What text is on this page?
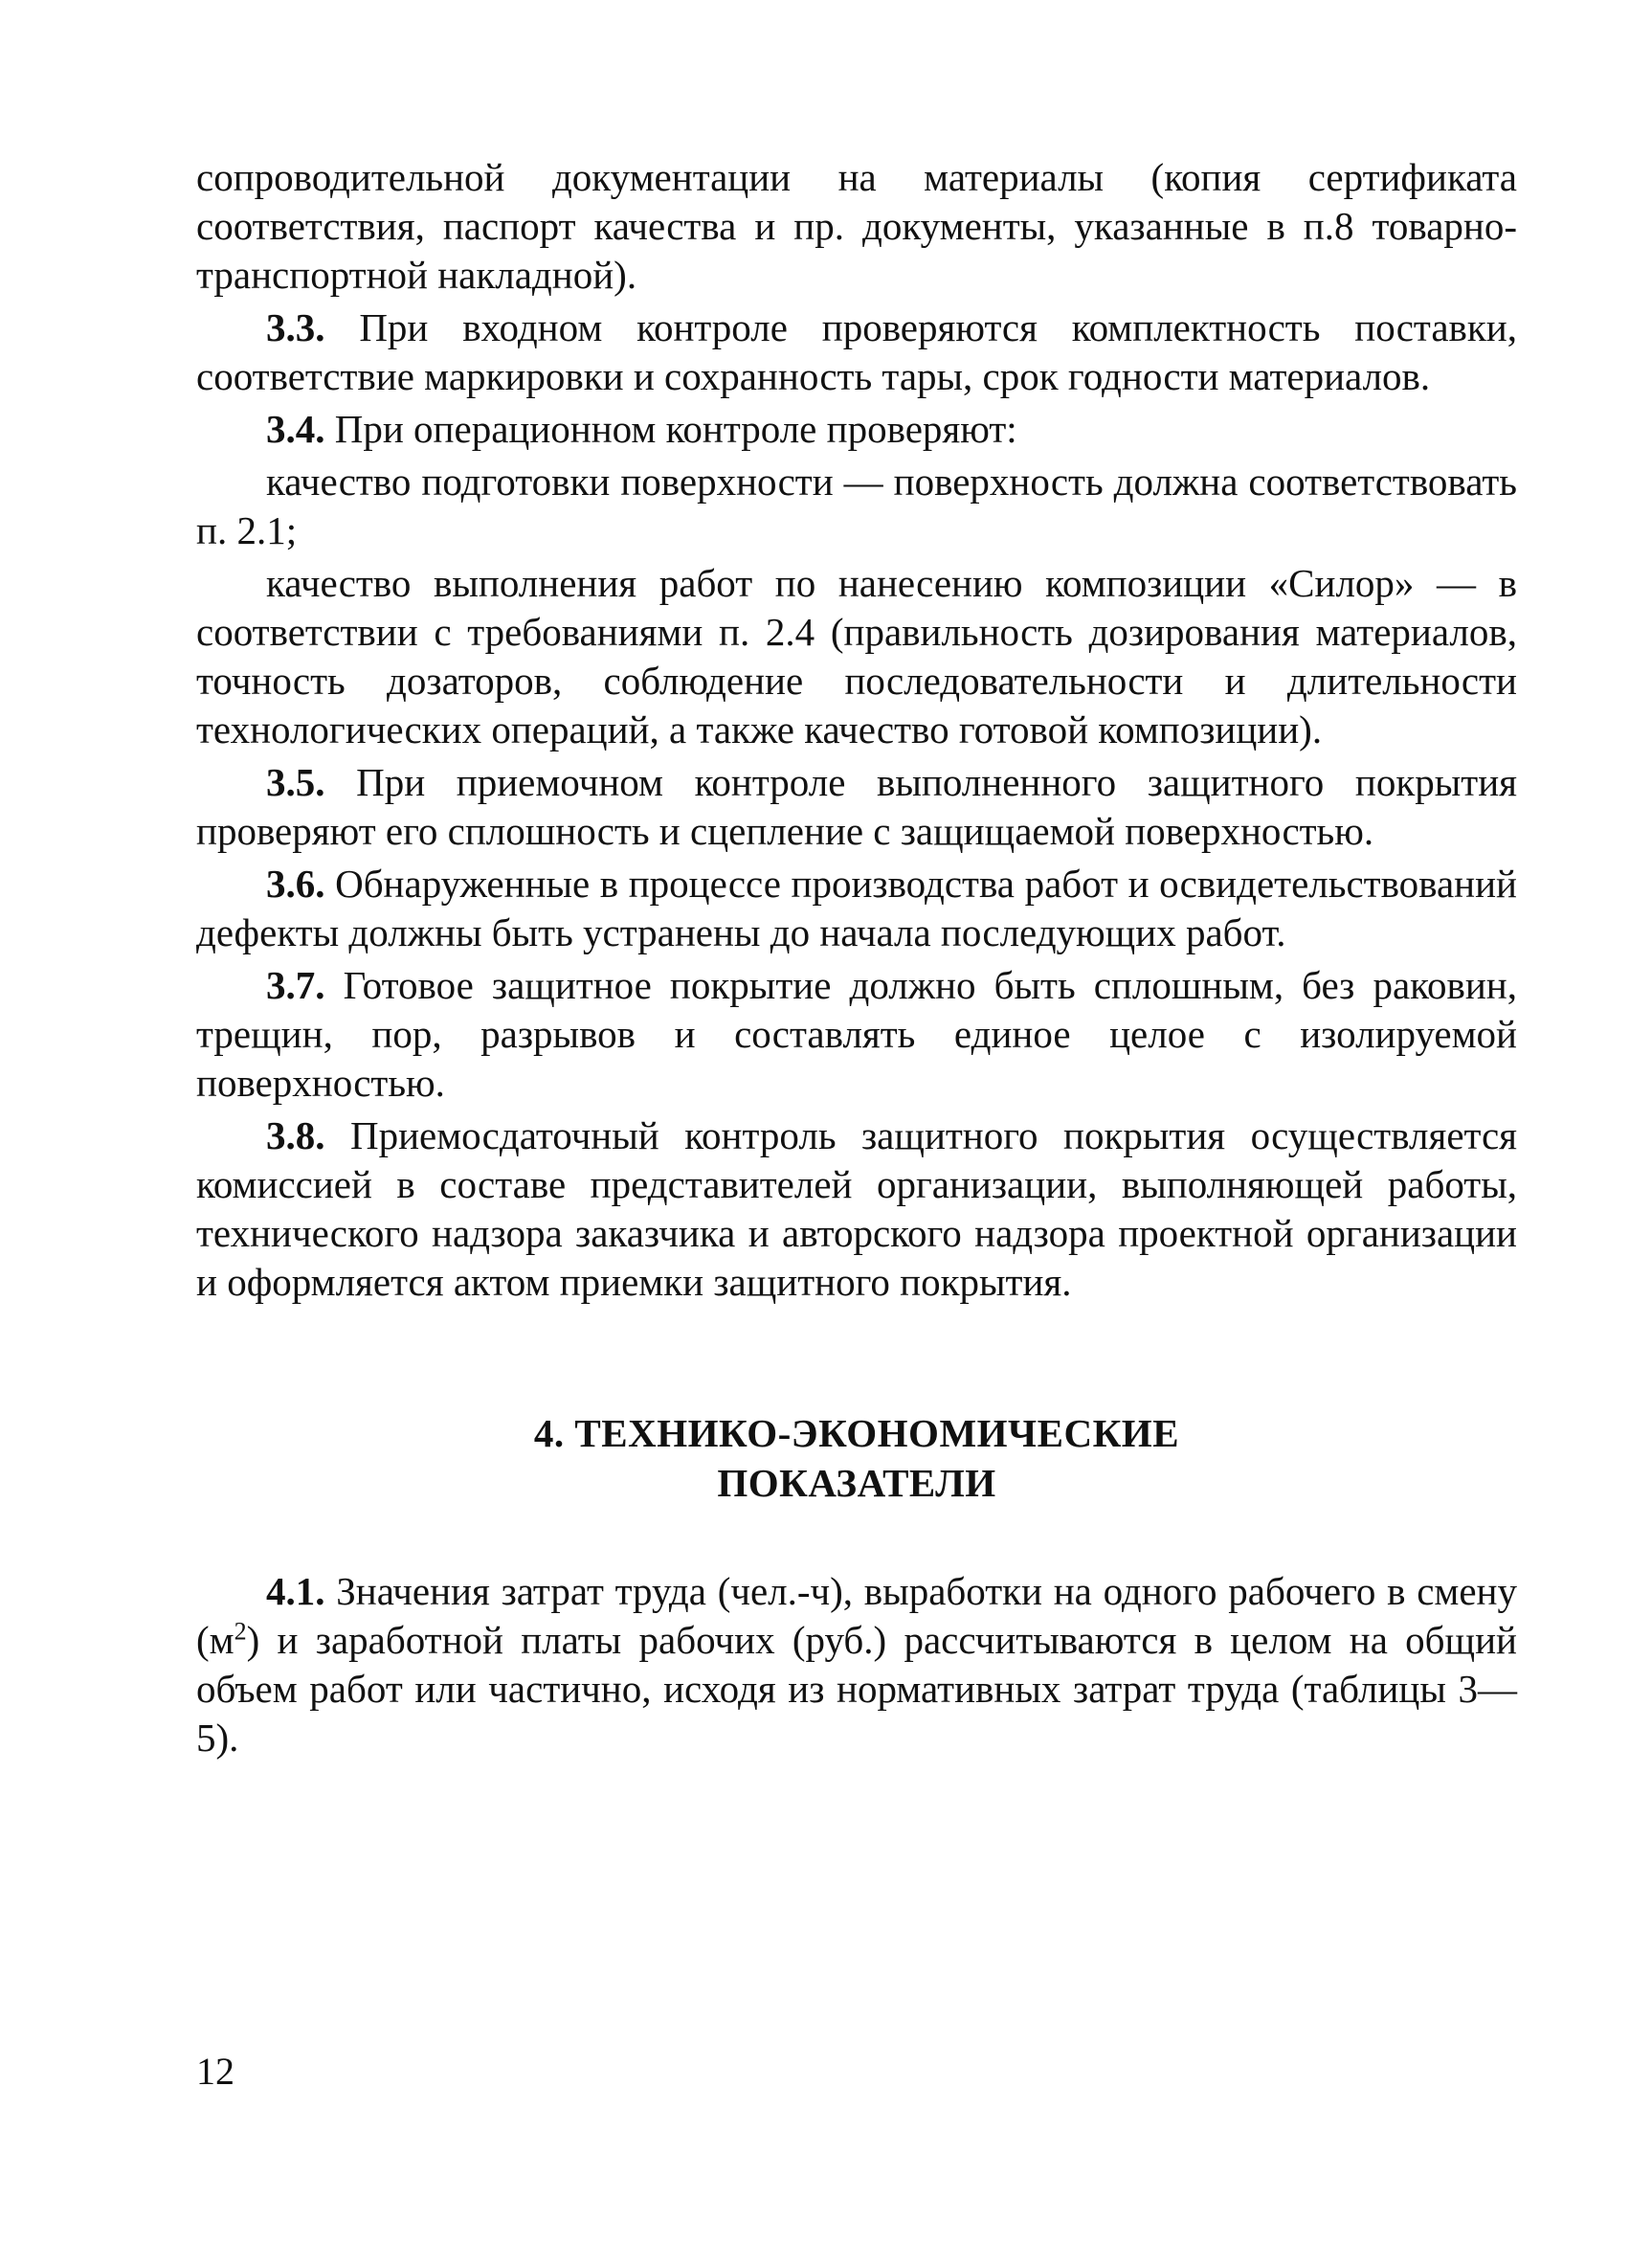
сопроводительной документации на материалы (копия сертификата соответствия, паспорт качества и пр. документы, указанные в п.8 товарно-транспортной накладной).

3.3. При входном контроле проверяются комплектность поставки, соответствие маркировки и сохранность тары, срок годности материалов.

3.4. При операционном контроле проверяют:

качество подготовки поверхности — поверхность должна соответствовать п. 2.1;

качество выполнения работ по нанесению композиции «Силор» — в соответствии с требованиями п. 2.4 (правильность дозирования материалов, точность дозаторов, соблюдение последовательности и длительности технологических операций, а также качество готовой композиции).

3.5. При приемочном контроле выполненного защитного покрытия проверяют его сплошность и сцепление с защищаемой поверхностью.

3.6. Обнаруженные в процессе производства работ и освидетельствований дефекты должны быть устранены до начала последующих работ.

3.7. Готовое защитное покрытие должно быть сплошным, без раковин, трещин, пор, разрывов и составлять единое целое с изолируемой поверхностью.

3.8. Приемосдаточный контроль защитного покрытия осуществляется комиссией в составе представителей организации, выполняющей работы, технического надзора заказчика и авторского надзора проектной организации и оформляется актом приемки защитного покрытия.

4. ТЕХНИКО-ЭКОНОМИЧЕСКИЕ
ПОКАЗАТЕЛИ

4.1. Значения затрат труда (чел.-ч), выработки на одного рабочего в смену $(м^2)$ и заработной платы рабочих (руб.) рассчитываются в целом на общий объем работ или частично, исходя из нормативных затрат труда (таблицы 3—5).

12
